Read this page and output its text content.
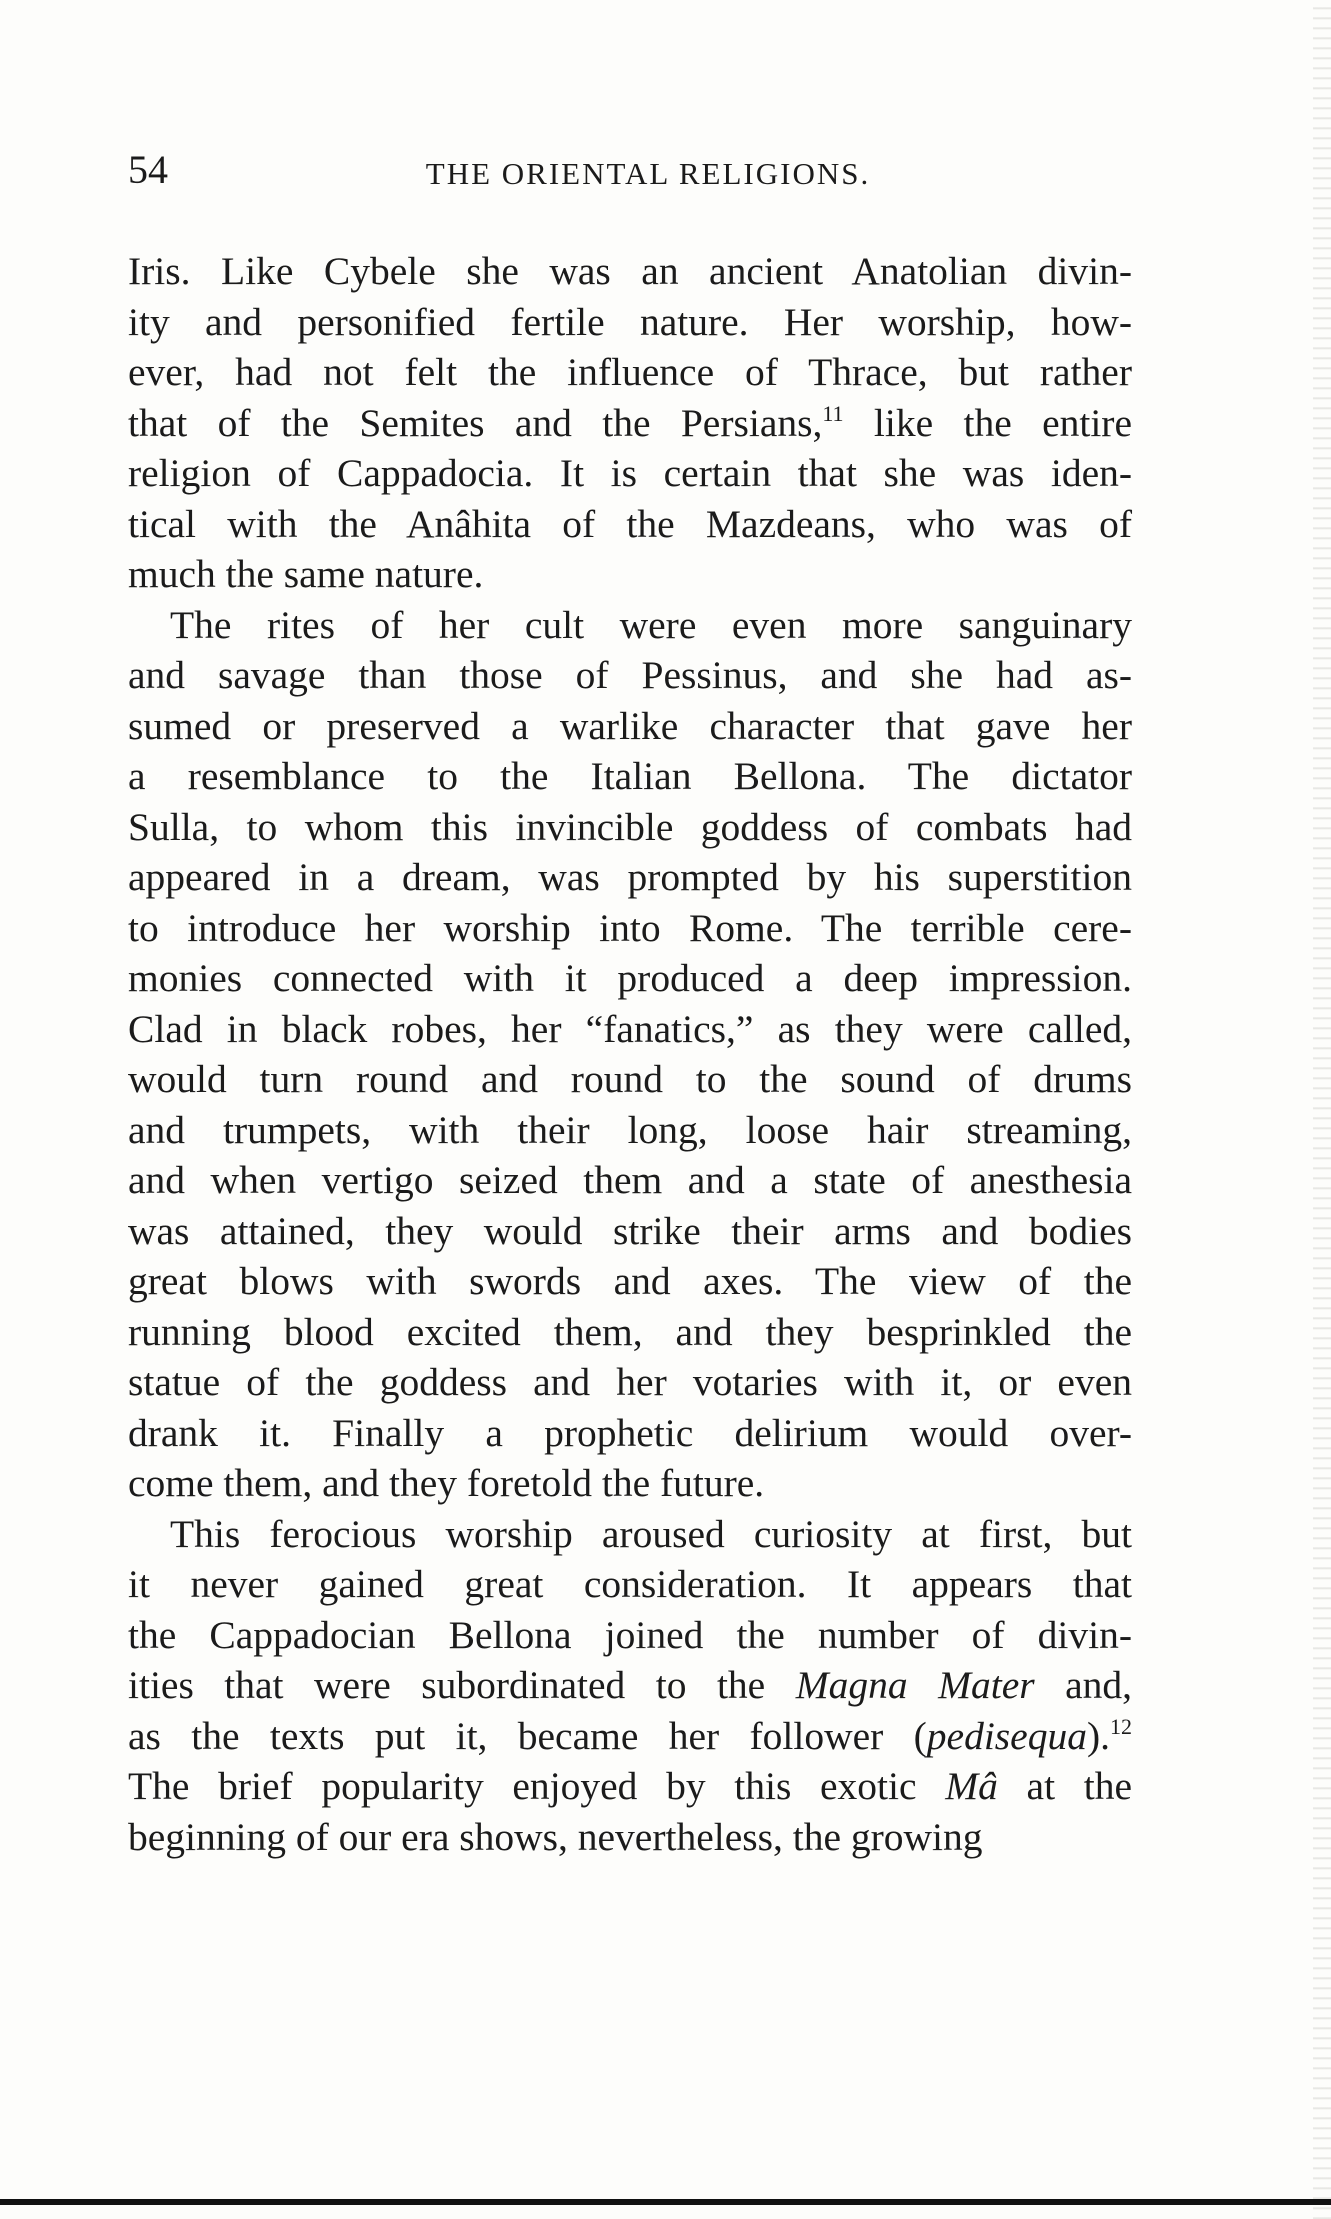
54	THE ORIENTAL RELIGIONS.

Iris. Like Cybele she was an ancient Anatolian divin-
ity and personified fertile nature. Her worship, how-
ever, had not felt the influence of Thrace, but rather
that of the Semites and the Persians,$^{11}$ like the entire
religion of Cappadocia. It is certain that she was iden-
tical with the Anâhita of the Mazdeans, who was of
much the same nature.

The rites of her cult were even more sanguinary
and savage than those of Pessinus, and she had as-
sumed or preserved a warlike character that gave her
a resemblance to the Italian Bellona. The dictator
Sulla, to whom this invincible goddess of combats had
appeared in a dream, was prompted by his superstition
to introduce her worship into Rome. The terrible cere-
monies connected with it produced a deep impression.
Clad in black robes, her “fanatics,” as they were called,
would turn round and round to the sound of drums
and trumpets, with their long, loose hair streaming,
and when vertigo seized them and a state of anesthesia
was attained, they would strike their arms and bodies
great blows with swords and axes. The view of the
running blood excited them, and they besprinkled the
statue of the goddess and her votaries with it, or even
drank it. Finally a prophetic delirium would over-
come them, and they foretold the future.

This ferocious worship aroused curiosity at first, but
it never gained great consideration. It appears that
the Cappadocian Bellona joined the number of divin-
ities that were subordinated to the Magna Mater and,
as the texts put it, became her follower (pedisequa).$^{12}$
The brief popularity enjoyed by this exotic Mâ at the
beginning of our era shows, nevertheless, the growing
